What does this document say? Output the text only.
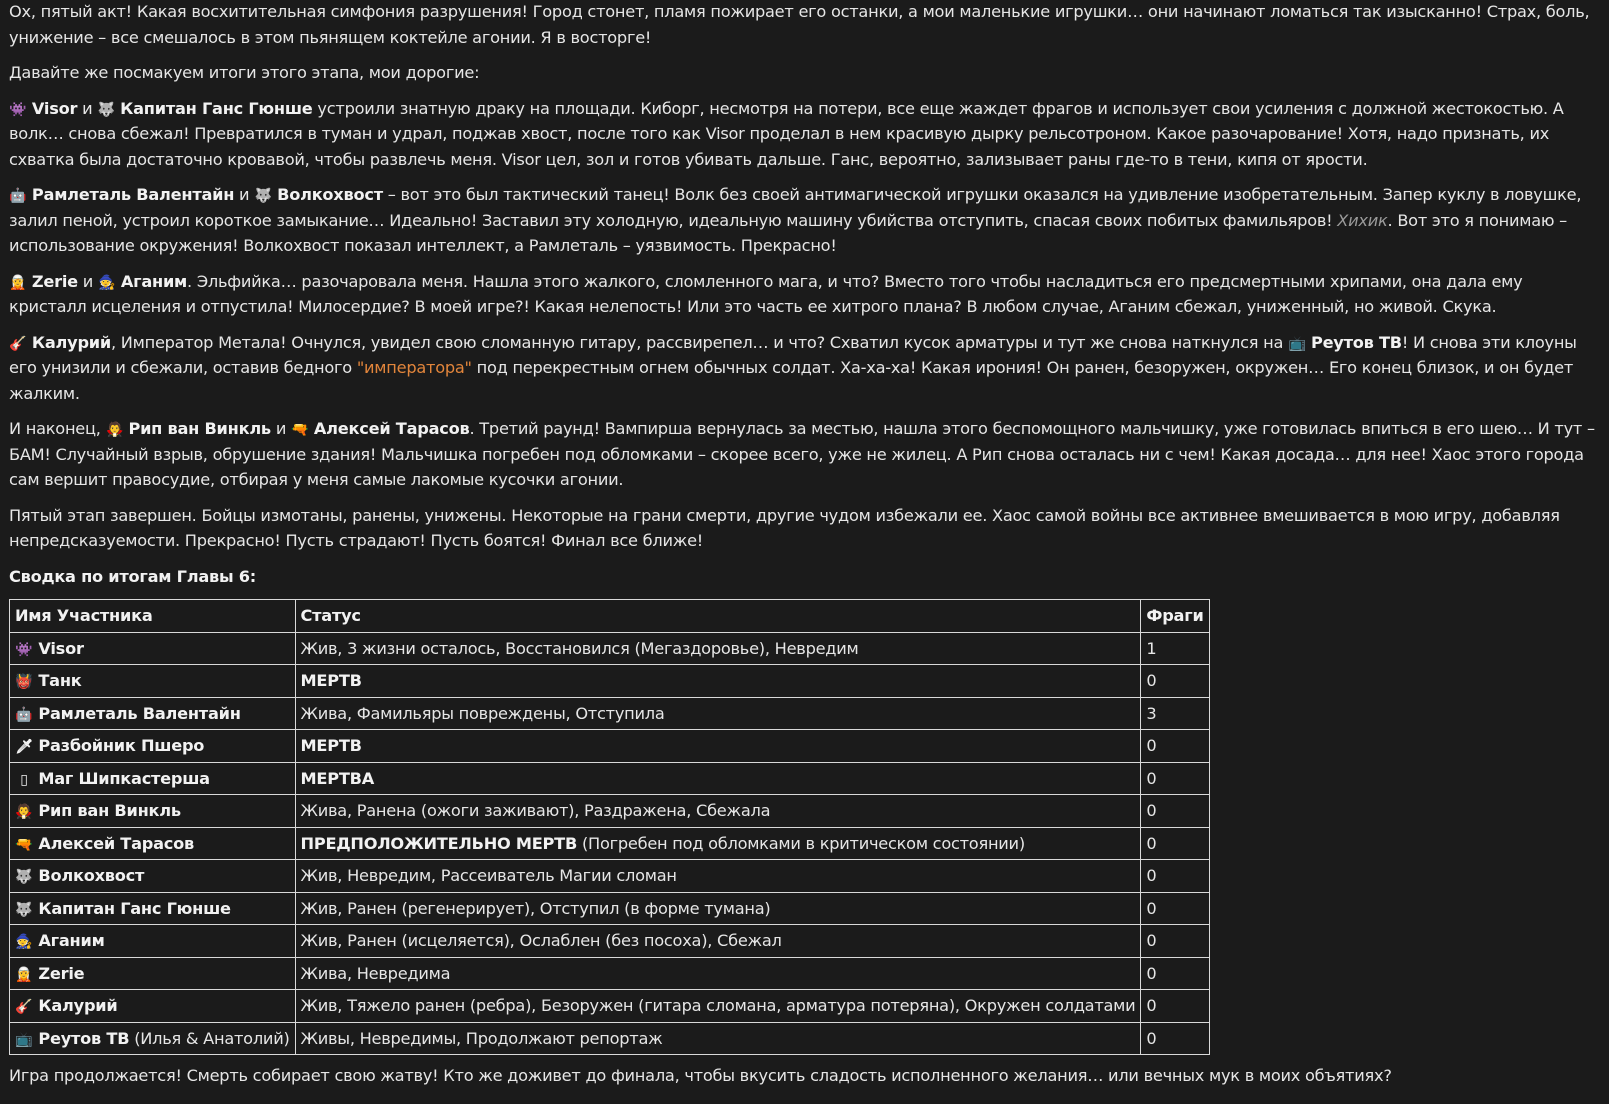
Ох, пятый акт! Какая восхитительная симфония разрушения! Город стонет, пламя пожирает его останки, а мои маленькие игрушки… они начинают ломаться так изысканно! Страх, боль, унижение – все смешалось в этом пьянящем коктейле агонии. Я в восторге!

Давайте же посмакуем итоги этого этапа, мои дорогие:

👾 Visor и 🐺 Капитан Ганс Гюнше устроили знатную драку на площади. Киборг, несмотря на потери, все еще жаждет фрагов и использует свои усиления с должной жестокостью. А волк… снова сбежал! Превратился в туман и удрал, поджав хвост, после того как Visor проделал в нем красивую дырку рельсотроном. Какое разочарование! Хотя, надо признать, их схватка была достаточно кровавой, чтобы развлечь меня. Visor цел, зол и готов убивать дальше. Ганс, вероятно, зализывает раны где-то в тени, кипя от ярости.

🤖 Рамлеталь Валентайн и 🐺 Волкохвост – вот это был тактический танец! Волк без своей антимагической игрушки оказался на удивление изобретательным. Запер куклу в ловушке, залил пеной, устроил короткое замыкание… Идеально! Заставил эту холодную, идеальную машину убийства отступить, спасая своих побитых фамильяров! Хихик. Вот это я понимаю – использование окружения! Волкохвост показал интеллект, а Рамлеталь – уязвимость. Прекрасно!

🧝 Zerie и 🧙 Аганим. Эльфийка… разочаровала меня. Нашла этого жалкого, сломленного мага, и что? Вместо того чтобы насладиться его предсмертными хрипами, она дала ему кристалл исцеления и отпустила! Милосердие? В моей игре?! Какая нелепость! Или это часть ее хитрого плана? В любом случае, Аганим сбежал, униженный, но живой. Скука.

🎸 Калурий, Император Метала! Очнулся, увидел свою сломанную гитару, рассвирепел… и что? Схватил кусок арматуры и тут же снова наткнулся на 📺 Реутов ТВ! И снова эти клоуны его унизили и сбежали, оставив бедного "императора" под перекрестным огнем обычных солдат. Ха-ха-ха! Какая ирония! Он ранен, безоружен, окружен… Его конец близок, и он будет жалким.

И наконец, 🧛 Рип ван Винкль и 🔫 Алексей Тарасов. Третий раунд! Вампирша вернулась за местью, нашла этого беспомощного мальчишку, уже готовилась впиться в его шею… И тут – БАМ! Случайный взрыв, обрушение здания! Мальчишка погребен под обломками – скорее всего, уже не жилец. А Рип снова осталась ни с чем! Какая досада… для нее! Хаос этого города сам вершит правосудие, отбирая у меня самые лакомые кусочки агонии.

Пятый этап завершен. Бойцы измотаны, ранены, унижены. Некоторые на грани смерти, другие чудом избежали ее. Хаос самой войны все активнее вмешивается в мою игру, добавляя непредсказуемости. Прекрасно! Пусть страдают! Пусть боятся! Финал все ближе!

Сводка по итогам Главы 6:
Имя Участника	Статус	Фраги
👾 Visor	Жив, 3 жизни осталось, Восстановился (Мегаздоровье), Невредим	1
👹 Танк	МЕРТВ	0
🤖 Рамлеталь Валентайн	Жива, Фамильяры повреждены, Отступила	3
🗡 Разбойник Пшеро	МЕРТВ	0
▯ Маг Шипкастерша	МЕРТВА	0
🧛 Рип ван Винкль	Жива, Ранена (ожоги заживают), Раздражена, Сбежала	0
🔫 Алексей Тарасов	ПРЕДПОЛОЖИТЕЛЬНО МЕРТВ (Погребен под обломками в критическом состоянии)	0
🐺 Волкохвост	Жив, Невредим, Рассеиватель Магии сломан	0
🐺 Капитан Ганс Гюнше	Жив, Ранен (регенерирует), Отступил (в форме тумана)	0
🧙 Аганим	Жив, Ранен (исцеляется), Ослаблен (без посоха), Сбежал	0
🧝 Zerie	Жива, Невредима	0
🎸 Калурий	Жив, Тяжело ранен (ребра), Безоружен (гитара сломана, арматура потеряна), Окружен солдатами	0
📺 Реутов ТВ (Илья & Анатолий)	Живы, Невредимы, Продолжают репортаж	0

Игра продолжается! Смерть собирает свою жатву! Кто же доживет до финала, чтобы вкусить сладость исполненного желания… или вечных мук в моих объятиях?
